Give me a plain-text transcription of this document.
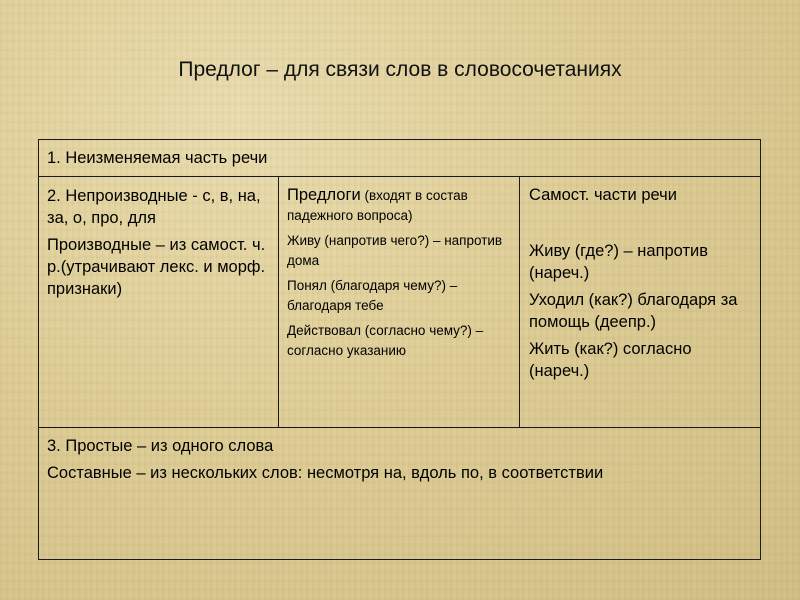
Предлог – для связи слов в словосочетаниях
1. Неизменяемая часть речи

2. Непроизводные - с, в, на, за, о, про, для

Производные – из самост. ч. р.(утрачивают лекс. и морф. признаки)

Предлоги (входят в состав падежного вопроса)

Живу (напротив чего?) – напротив дома

Понял (благодаря чему?) – благодаря тебе

Действовал (согласно чему?) – согласно указанию

Самост. части речи

Живу (где?) – напротив (нареч.)

Уходил (как?) благодаря за помощь (деепр.)

Жить (как?) согласно (нареч.)

3. Простые – из одного слова

Составные – из нескольких слов: несмотря на, вдоль по, в соответствии
